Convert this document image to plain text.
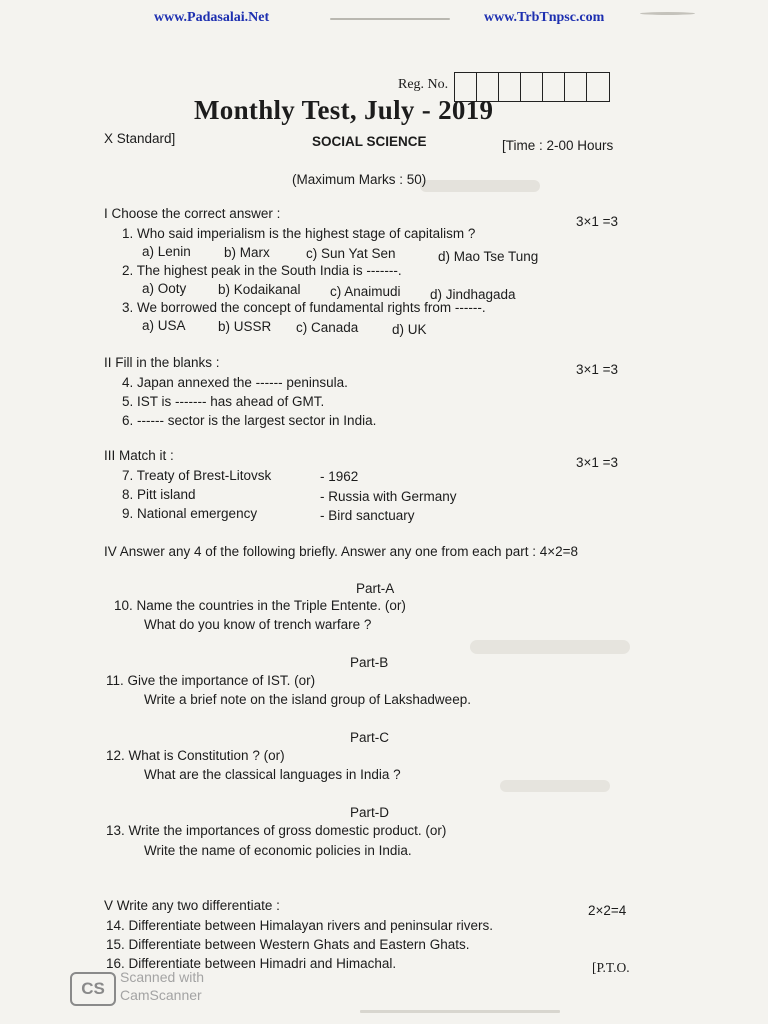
www.Padasalai.Net	www.TrbTnpsc.com
Reg. No.
Monthly Test, July - 2019
X Standard]	SOCIAL SCIENCE	[Time : 2-00 Hours
(Maximum Marks : 50)
I Choose the correct answer :
3×1 =3
1. Who said imperialism is the highest stage of capitalism ?
a) Lenin b) Marx	c) Sun Yat Sen	d) Mao Tse Tung
2. The highest peak in the South India is -------.
a) Ooty b) Kodaikanal c) Anaimudi d) Jindhagada
3. We borrowed the concept of fundamental rights from ------.
a) USA b) USSR c) Canada d) UK
II Fill in the blanks :	3×1 =3
4. Japan annexed the ------ peninsula.
5. IST is ------- has ahead of GMT.
6. ------ sector is the largest sector in India.
III Match it :	3×1 =3
7. Treaty of Brest-Litovsk	- 1962
8. Pitt island	- Russia with Germany
9. National emergency	- Bird sanctuary
IV Answer any 4 of the following briefly. Answer any one from each part : 4×2=8
Part-A
10. Name the countries in the Triple Entente. (or)
What do you know of trench warfare ?
Part-B
11. Give the importance of IST. (or)
Write a brief note on the island group of Lakshadweep.
Part-C
12. What is Constitution ? (or)
What are the classical languages in India ?
Part-D
13. Write the importances of gross domestic product. (or)
Write the name of economic policies in India.
V Write any two differentiate :	2×2=4
14. Differentiate between Himalayan rivers and peninsular rivers.
15. Differentiate between Western Ghats and Eastern Ghats.
16. Differentiate between Himadri and Himachal.	[P.T.O.
CS
Scanned with
CamScanner
